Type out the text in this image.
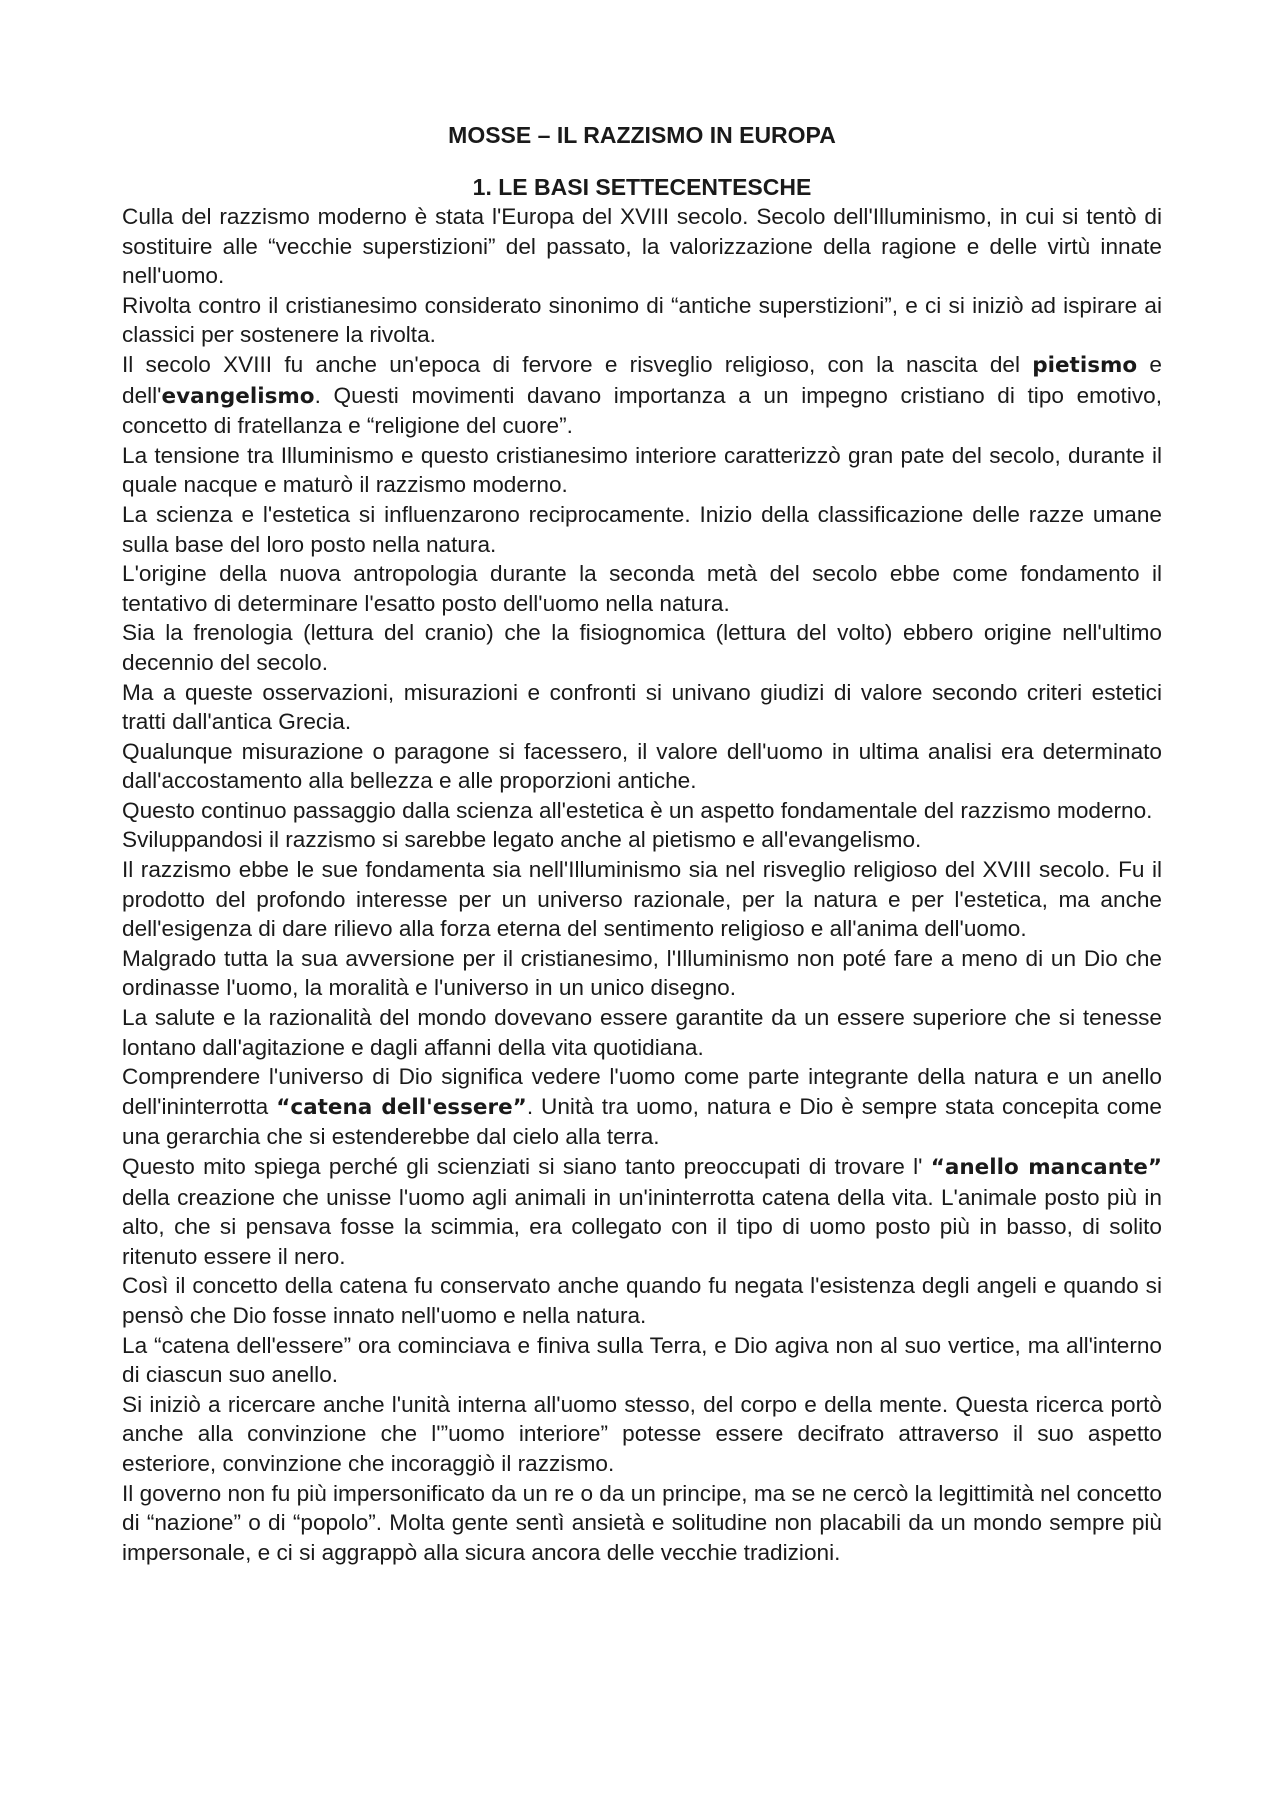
MOSSE – IL RAZZISMO IN EUROPA
1. LE BASI SETTECENTESCHE

Culla del razzismo moderno è stata l'Europa del XVIII secolo. Secolo dell'Illuminismo, in cui si tentò di sostituire alle “vecchie superstizioni” del passato, la valorizzazione della ragione e delle virtù innate nell'uomo.

Rivolta contro il cristianesimo considerato sinonimo di “antiche superstizioni”, e ci si iniziò ad ispirare ai classici per sostenere la rivolta.

Il secolo XVIII fu anche un'epoca di fervore e risveglio religioso, con la nascita del pietismo e dell'evangelismo. Questi movimenti davano importanza a un impegno cristiano di tipo emotivo, concetto di fratellanza e “religione del cuore”.

La tensione tra Illuminismo e questo cristianesimo interiore caratterizzò gran pate del secolo, durante il quale nacque e maturò il razzismo moderno.

La scienza e l'estetica si influenzarono reciprocamente. Inizio della classificazione delle razze umane sulla base del loro posto nella natura.

L'origine della nuova antropologia durante la seconda metà del secolo ebbe come fondamento il tentativo di determinare l'esatto posto dell'uomo nella natura.

Sia la frenologia (lettura del cranio) che la fisiognomica (lettura del volto) ebbero origine nell'ultimo decennio del secolo.

Ma a queste osservazioni, misurazioni e confronti si univano giudizi di valore secondo criteri estetici tratti dall'antica Grecia.

Qualunque misurazione o paragone si facessero, il valore dell'uomo in ultima analisi era determinato dall'accostamento alla bellezza e alle proporzioni antiche.

Questo continuo passaggio dalla scienza all'estetica è un aspetto fondamentale del razzismo moderno.

Sviluppandosi il razzismo si sarebbe legato anche al pietismo e all'evangelismo.

Il razzismo ebbe le sue fondamenta sia nell'Illuminismo sia nel risveglio religioso del XVIII secolo. Fu il prodotto del profondo interesse per un universo razionale, per la natura e per l'estetica, ma anche dell'esigenza di dare rilievo alla forza eterna del sentimento religioso e all'anima dell'uomo.

Malgrado tutta la sua avversione per il cristianesimo, l'Illuminismo non poté fare a meno di un Dio che ordinasse l'uomo, la moralità e l'universo in un unico disegno.

La salute e la razionalità del mondo dovevano essere garantite da un essere superiore che si tenesse lontano dall'agitazione e dagli affanni della vita quotidiana.

Comprendere l'universo di Dio significa vedere l'uomo come parte integrante della natura e un anello dell'ininterrotta “catena dell'essere”. Unità tra uomo, natura e Dio è sempre stata concepita come una gerarchia che si estenderebbe dal cielo alla terra.

Questo mito spiega perché gli scienziati si siano tanto preoccupati di trovare l' “anello mancante” della creazione che unisse l'uomo agli animali in un'ininterrotta catena della vita. L'animale posto più in alto, che si pensava fosse la scimmia, era collegato con il tipo di uomo posto più in basso, di solito ritenuto essere il nero.

Così il concetto della catena fu conservato anche quando fu negata l'esistenza degli angeli e quando si pensò che Dio fosse innato nell'uomo e nella natura.

La “catena dell'essere” ora cominciava e finiva sulla Terra, e Dio agiva non al suo vertice, ma all'interno di ciascun suo anello.

Si iniziò a ricercare anche l'unità interna all'uomo stesso, del corpo e della mente. Questa ricerca portò anche alla convinzione che l'”uomo interiore” potesse essere decifrato attraverso il suo aspetto esteriore, convinzione che incoraggiò il razzismo.

Il governo non fu più impersonificato da un re o da un principe, ma se ne cercò la legittimità nel concetto di “nazione” o di “popolo”. Molta gente sentì ansietà e solitudine non placabili da un mondo sempre più impersonale, e ci si aggrappò alla sicura ancora delle vecchie tradizioni.
